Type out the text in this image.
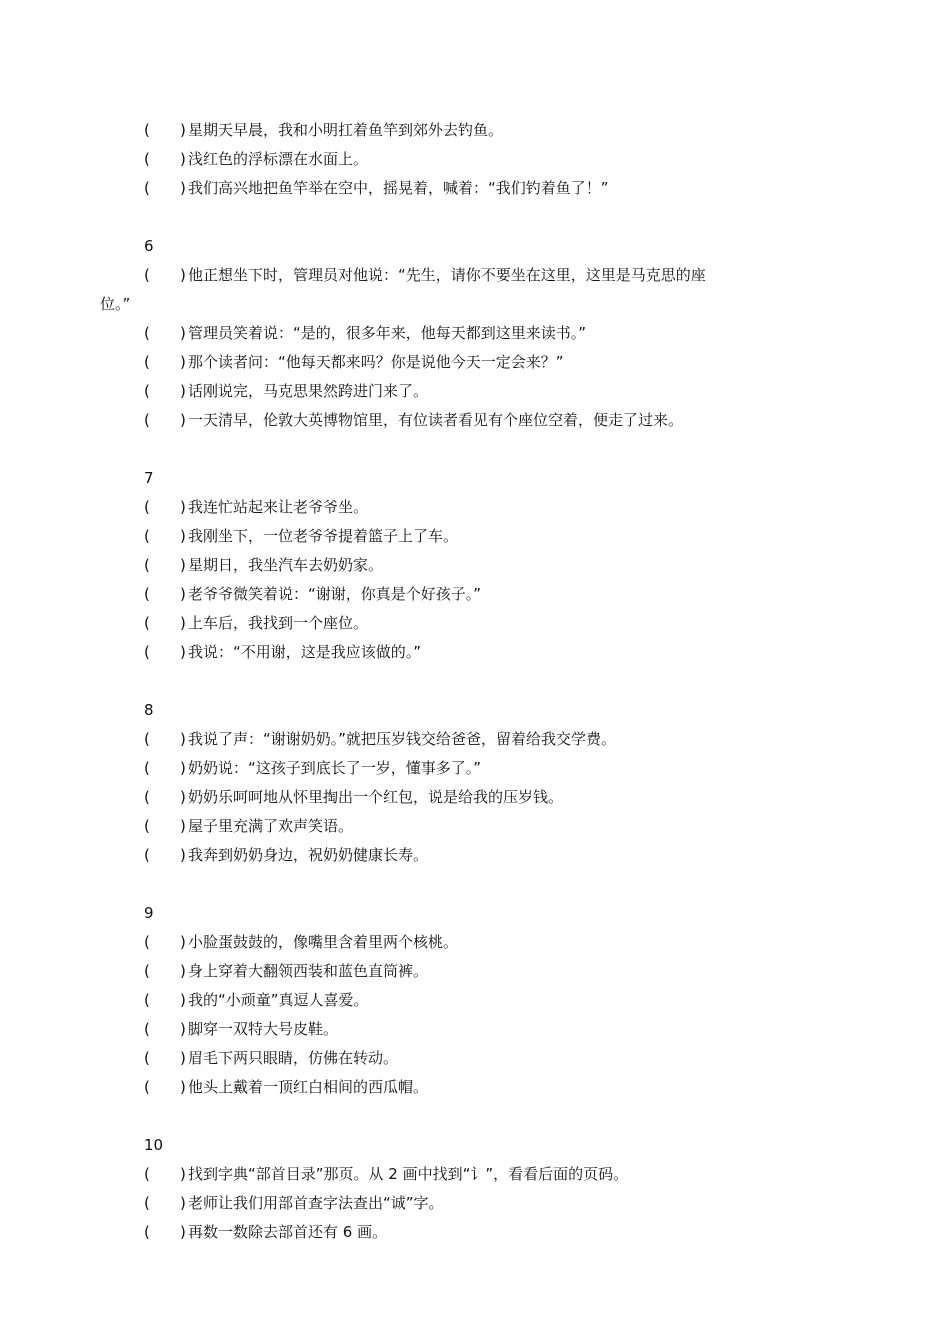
( ) 星期天早晨，我和小明扛着鱼竿到郊外去钓鱼。
( ) 浅红色的浮标漂在水面上。
( ) 我们高兴地把鱼竿举在空中，摇晃着，喊着：“我们钓着鱼了！”
6
( ) 他正想坐下时，管理员对他说：“先生，请你不要坐在这里，这里是马克思的座
位。”
( ) 管理员笑着说：“是的，很多年来，他每天都到这里来读书。”
( ) 那个读者问：“他每天都来吗？你是说他今天一定会来？”
( ) 话刚说完，马克思果然跨进门来了。
( ) 一天清早，伦敦大英博物馆里，有位读者看见有个座位空着，便走了过来。
7
( ) 我连忙站起来让老爷爷坐。
( ) 我刚坐下，一位老爷爷提着篮子上了车。
( ) 星期日，我坐汽车去奶奶家。
( ) 老爷爷微笑着说：“谢谢，你真是个好孩子。”
( ) 上车后，我找到一个座位。
( ) 我说：“不用谢，这是我应该做的。”
8
( ) 我说了声：“谢谢奶奶。”就把压岁钱交给爸爸，留着给我交学费。
( ) 奶奶说：“这孩子到底长了一岁，懂事多了。”
( ) 奶奶乐呵呵地从怀里掏出一个红包，说是给我的压岁钱。
( ) 屋子里充满了欢声笑语。
( ) 我奔到奶奶身边，祝奶奶健康长寿。
9
( ) 小脸蛋鼓鼓的，像嘴里含着里两个核桃。
( ) 身上穿着大翻领西装和蓝色直筒裤。
( ) 我的“小顽童”真逗人喜爱。
( ) 脚穿一双特大号皮鞋。
( ) 眉毛下两只眼睛，仿佛在转动。
( ) 他头上戴着一顶红白相间的西瓜帽。
10
( ) 找到字典“部首目录”那页。从 2 画中找到“讠”，看看后面的页码。
( ) 老师让我们用部首查字法查出“诚”字。
( ) 再数一数除去部首还有 6 画。
